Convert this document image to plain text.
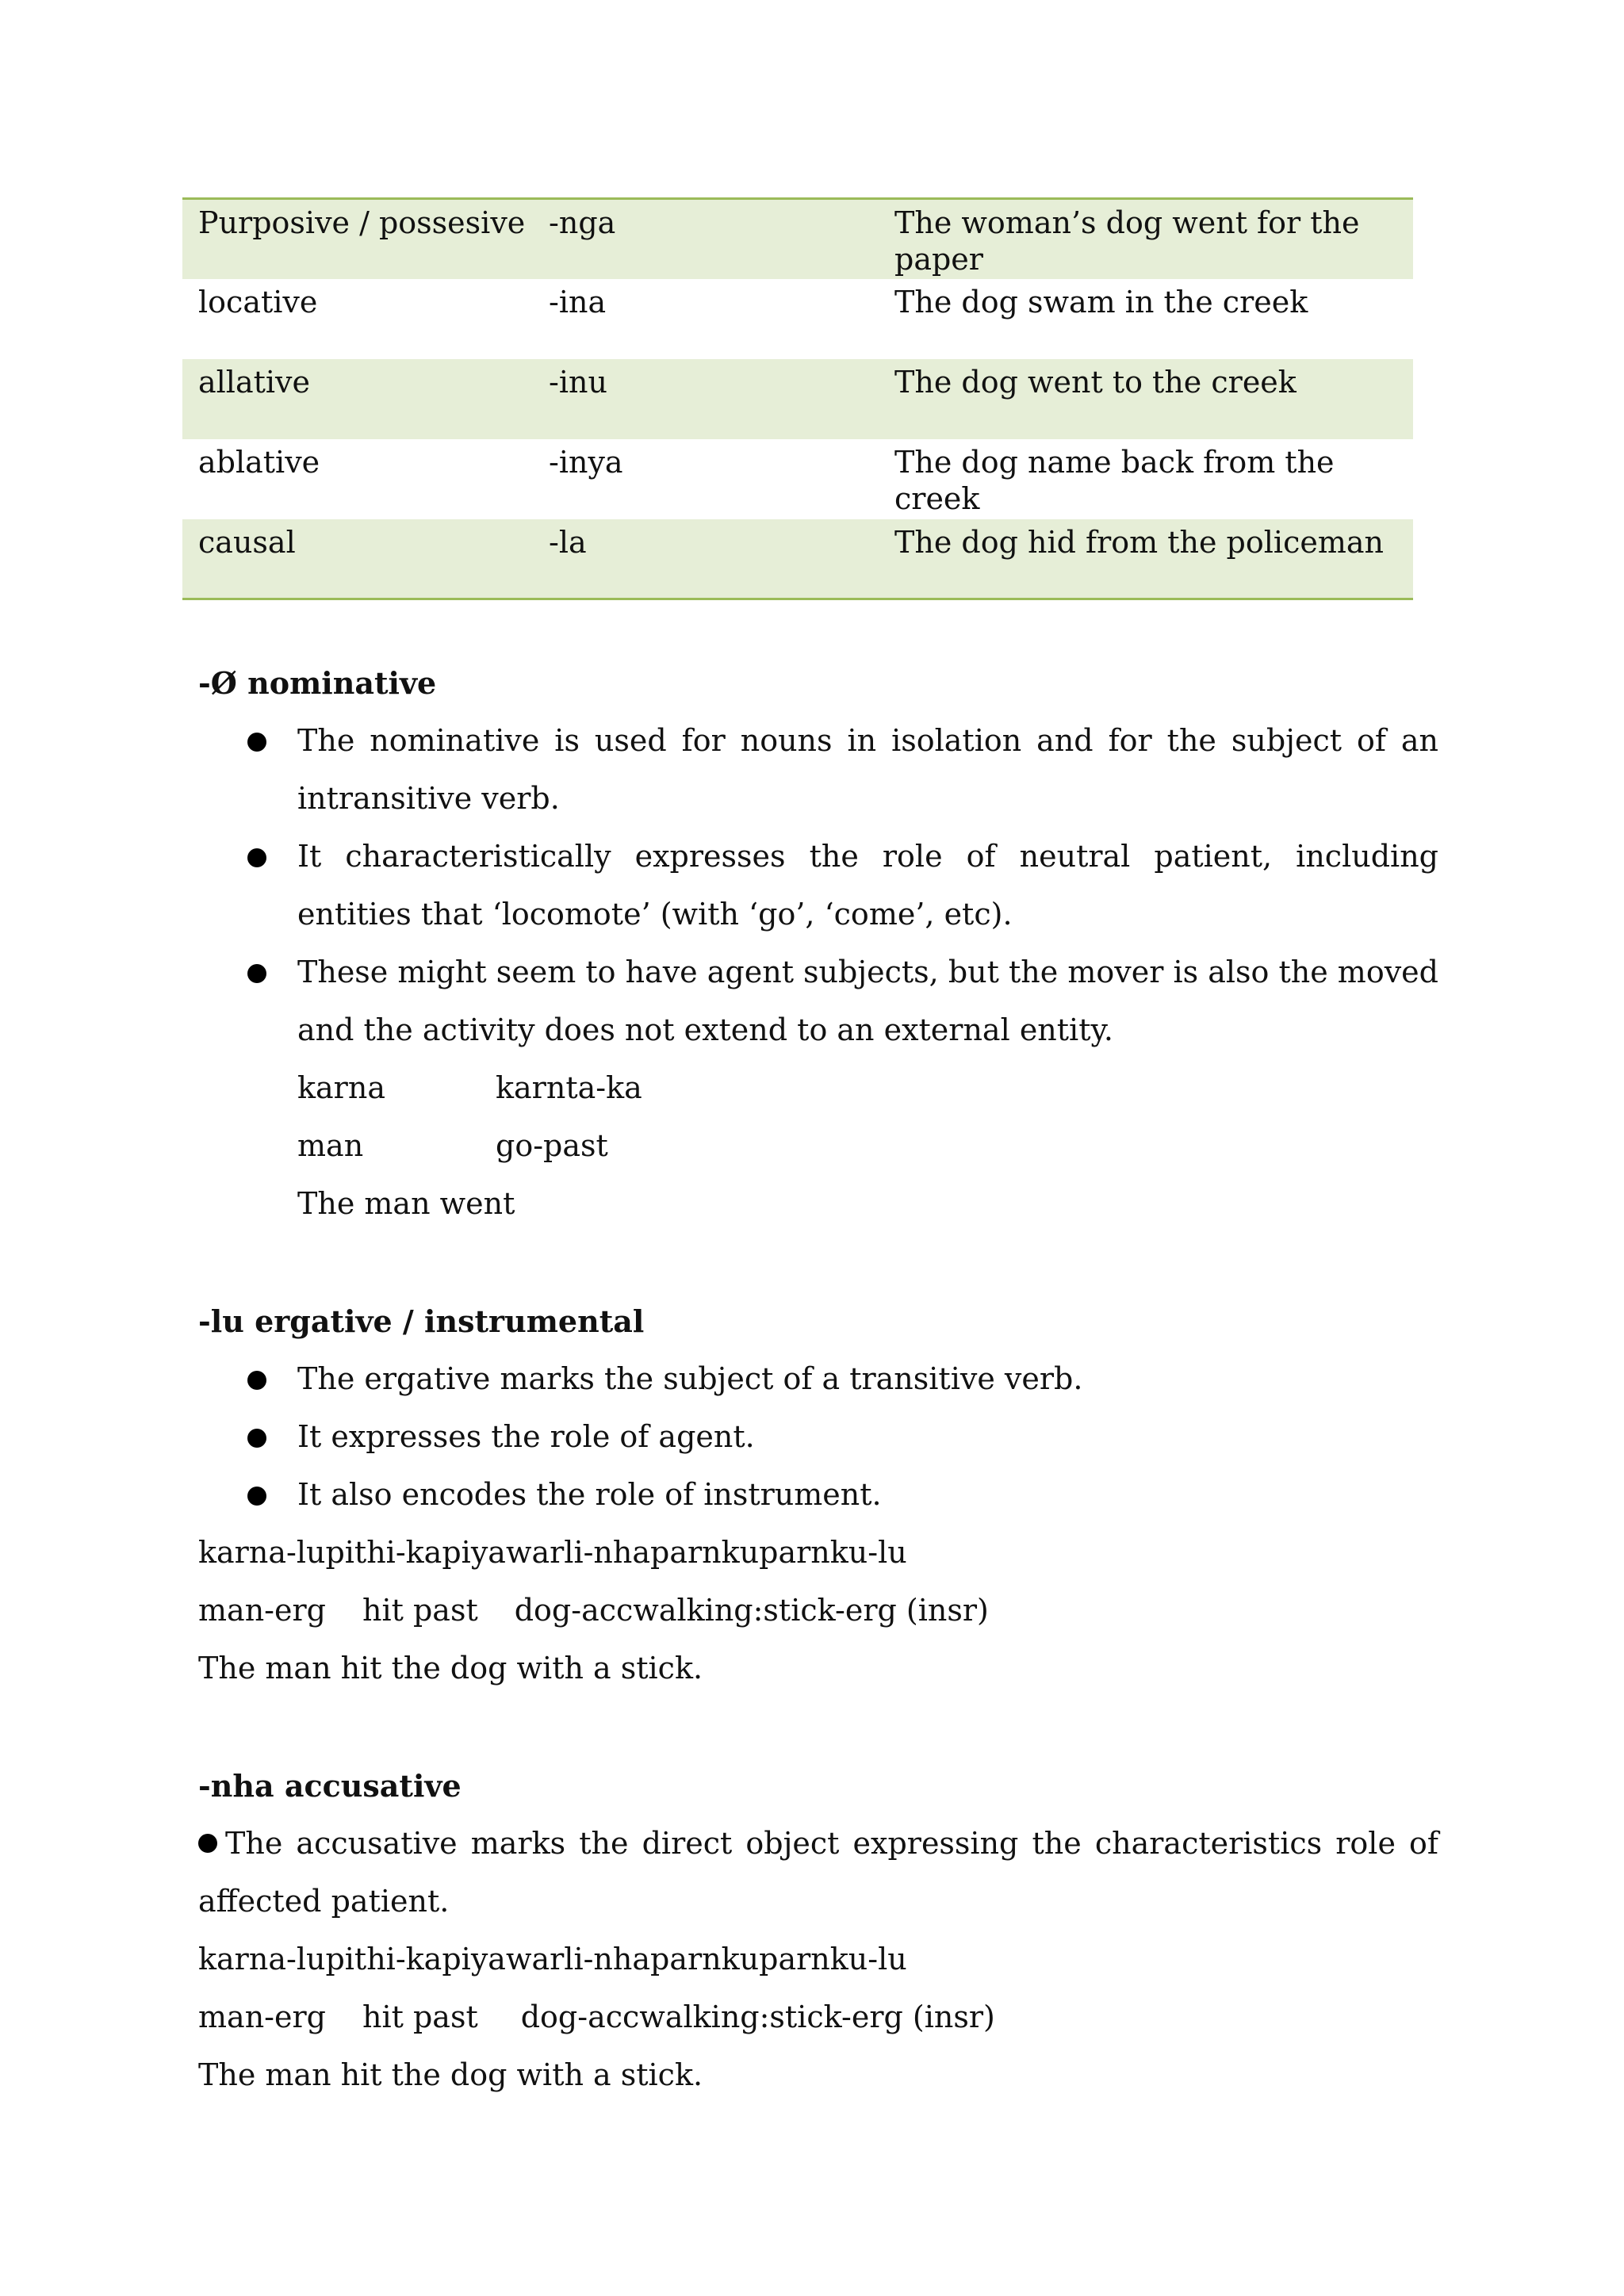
Purposive / possesive	-nga	The woman’s dog went for the paper
locative	-ina	The dog swam in the creek
allative	-inu	The dog went to the creek
ablative	-inya	The dog name back from the creek
causal	-la	The dog hid from the policeman
-Ø nominative
The nominative is used for nouns in isolation and for the subject of an intransitive verb.
It characteristically expresses the role of neutral patient, including entities that ‘locomote’ (with ‘go’, ‘come’, etc).
These might seem to have agent subjects, but the mover is also the moved and the activity does not extend to an external entity.
karna	karnta-ka
man	go-past
The man went
-lu ergative / instrumental
The ergative marks the subject of a transitive verb.
It expresses the role of agent.
It also encodes the role of instrument.
karna-lupithi-kapiyawarli-nhaparnkuparnku-lu
man-erg hit past dog-accwalking:stick-erg (insr)
The man hit the dog with a stick.
-nha accusative
The accusative marks the direct object expressing the characteristics role of affected patient.
karna-lupithi-kapiyawarli-nhaparnkuparnku-lu
man-erg hit past dog-accwalking:stick-erg (insr)
The man hit the dog with a stick.
